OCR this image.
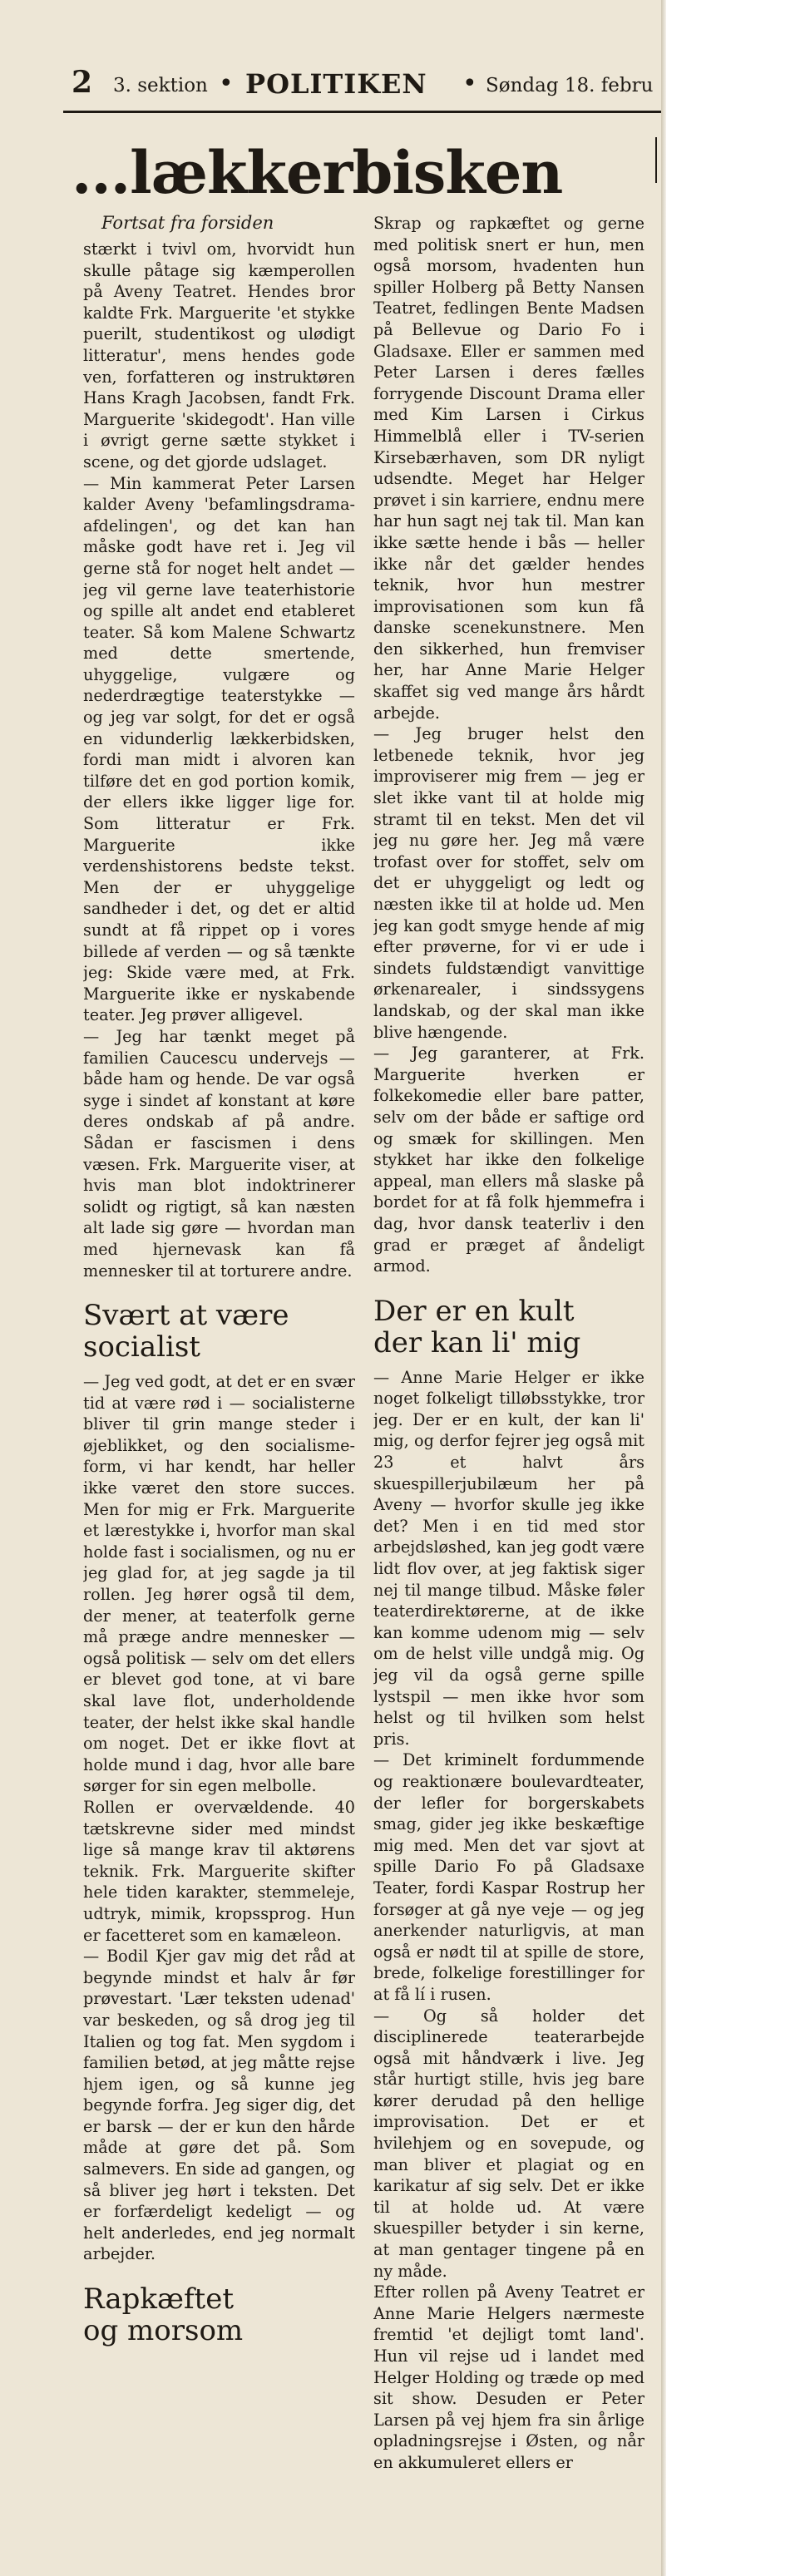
2 3. sektion • POLITIKEN • Søndag 18. febru
...lækkerbisken
Fortsat fra forsiden

stærkt i tvivl om, hvorvidt hun skulle påtage sig kæmperollen på Aveny Teatret. Hendes bror kaldte Frk. Marguerite 'et stykke puerilt, studentikost og ulødigt litteratur', mens hendes gode ven, forfatteren og instruktøren Hans Kragh Jacobsen, fandt Frk. Marguerite 'skidegodt'. Han ville i øvrigt gerne sætte stykket i scene, og det gjorde udslaget.

— Min kammerat Peter Larsen kalder Aveny 'befamlingsdrama-afdelingen', og det kan han måske godt have ret i. Jeg vil gerne stå for noget helt andet — jeg vil gerne lave teaterhistorie og spille alt andet end etableret teater. Så kom Malene Schwartz med dette smertende, uhyggelige, vulgære og nederdrægtige teaterstykke — og jeg var solgt, for det er også en vidunderlig lækkerbidsken, fordi man midt i alvoren kan tilføre det en god portion komik, der ellers ikke ligger lige for. Som litteratur er Frk. Marguerite ikke verdenshistorens bedste tekst. Men der er uhyggelige sandheder i det, og det er altid sundt at få rippet op i vores billede af verden — og så tænkte jeg: Skide være med, at Frk. Marguerite ikke er nyskabende teater. Jeg prøver alligevel.

— Jeg har tænkt meget på familien Caucescu undervejs — både ham og hende. De var også syge i sindet af konstant at køre deres ondskab af på andre. Sådan er fascismen i dens væsen. Frk. Marguerite viser, at hvis man blot indoktrinerer solidt og rigtigt, så kan næsten alt lade sig gøre — hvordan man med hjernevask kan få mennesker til at torturere andre.

Svært at være
socialist

— Jeg ved godt, at det er en svær tid at være rød i — socialisterne bliver til grin mange steder i øjeblikket, og den socialisme-form, vi har kendt, har heller ikke været den store succes. Men for mig er Frk. Marguerite et lærestykke i, hvorfor man skal holde fast i socialismen, og nu er jeg glad for, at jeg sagde ja til rollen. Jeg hører også til dem, der mener, at teaterfolk gerne må præge andre mennesker — også politisk — selv om det ellers er blevet god tone, at vi bare skal lave flot, underholdende teater, der helst ikke skal handle om noget. Det er ikke flovt at holde mund i dag, hvor alle bare sørger for sin egen melbolle.

Rollen er overvældende. 40 tætskrevne sider med mindst lige så mange krav til aktørens teknik. Frk. Marguerite skifter hele tiden karakter, stemmeleje, udtryk, mimik, kropssprog. Hun er facetteret som en kamæleon.

— Bodil Kjer gav mig det råd at begynde mindst et halv år før prøvestart. 'Lær teksten udenad' var beskeden, og så drog jeg til Italien og tog fat. Men sygdom i familien betød, at jeg måtte rejse hjem igen, og så kunne jeg begynde forfra. Jeg siger dig, det er barsk — der er kun den hårde måde at gøre det på. Som salmevers. En side ad gangen, og så bliver jeg hørt i teksten. Det er forfærdeligt kedeligt — og helt anderledes, end jeg normalt arbejder.

Rapkæftet
og morsom

Skrap og rapkæftet og gerne med politisk snert er hun, men også morsom, hvadenten hun spiller Holberg på Betty Nansen Teatret, fedlingen Bente Madsen på Bellevue og Dario Fo i Gladsaxe. Eller er sammen med Peter Larsen i deres fælles forrygende Discount Drama eller med Kim Larsen i Cirkus Himmelblå eller i TV-serien Kirsebærhaven, som DR nyligt udsendte. Meget har Helger prøvet i sin karriere, endnu mere har hun sagt nej tak til. Man kan ikke sætte hende i bås — heller ikke når det gælder hendes teknik, hvor hun mestrer improvisationen som kun få danske scenekunstnere. Men den sikkerhed, hun fremviser her, har Anne Marie Helger skaffet sig ved mange års hårdt arbejde.

— Jeg bruger helst den letbenede teknik, hvor jeg improviserer mig frem — jeg er slet ikke vant til at holde mig stramt til en tekst. Men det vil jeg nu gøre her. Jeg må være trofast over for stoffet, selv om det er uhyggeligt og ledt og næsten ikke til at holde ud. Men jeg kan godt smyge hende af mig efter prøverne, for vi er ude i sindets fuldstændigt vanvittige ørkenarealer, i sindssygens landskab, og der skal man ikke blive hængende.

— Jeg garanterer, at Frk. Marguerite hverken er folkekomedie eller bare patter, selv om der både er saftige ord og smæk for skillingen. Men stykket har ikke den folkelige appeal, man ellers må slaske på bordet for at få folk hjemmefra i dag, hvor dansk teaterliv i den grad er præget af åndeligt armod.

Der er en kult
der kan li' mig

— Anne Marie Helger er ikke noget folkeligt tilløbsstykke, tror jeg. Der er en kult, der kan li' mig, og derfor fejrer jeg også mit 23 et halvt års skuespillerjubilæum her på Aveny — hvorfor skulle jeg ikke det? Men i en tid med stor arbejdsløshed, kan jeg godt være lidt flov over, at jeg faktisk siger nej til mange tilbud. Måske føler teaterdirektørerne, at de ikke kan komme udenom mig — selv om de helst ville undgå mig. Og jeg vil da også gerne spille lystspil — men ikke hvor som helst og til hvilken som helst pris.

— Det kriminelt fordummende og reaktionære boulevardteater, der lefler for borgerskabets smag, gider jeg ikke beskæftige mig med. Men det var sjovt at spille Dario Fo på Gladsaxe Teater, fordi Kaspar Rostrup her forsøger at gå nye veje — og jeg anerkender naturligvis, at man også er nødt til at spille de store, brede, folkelige forestillinger for at få lí i rusen.

— Og så holder det disciplinerede teaterarbejde også mit håndværk i live. Jeg står hurtigt stille, hvis jeg bare kører derudad på den hellige improvisation. Det er et hvilehjem og en sovepude, og man bliver et plagiat og en karikatur af sig selv. Det er ikke til at holde ud. At være skuespiller betyder i sin kerne, at man gentager tingene på en ny måde.

Efter rollen på Aveny Teatret er Anne Marie Helgers nærmeste fremtid 'et dejligt tomt land'. Hun vil rejse ud i landet med Helger Holding og træde op med sit show. Desuden er Peter Larsen på vej hjem fra sin årlige opladningsrejse i Østen, og når en akkumuleret ellers er
